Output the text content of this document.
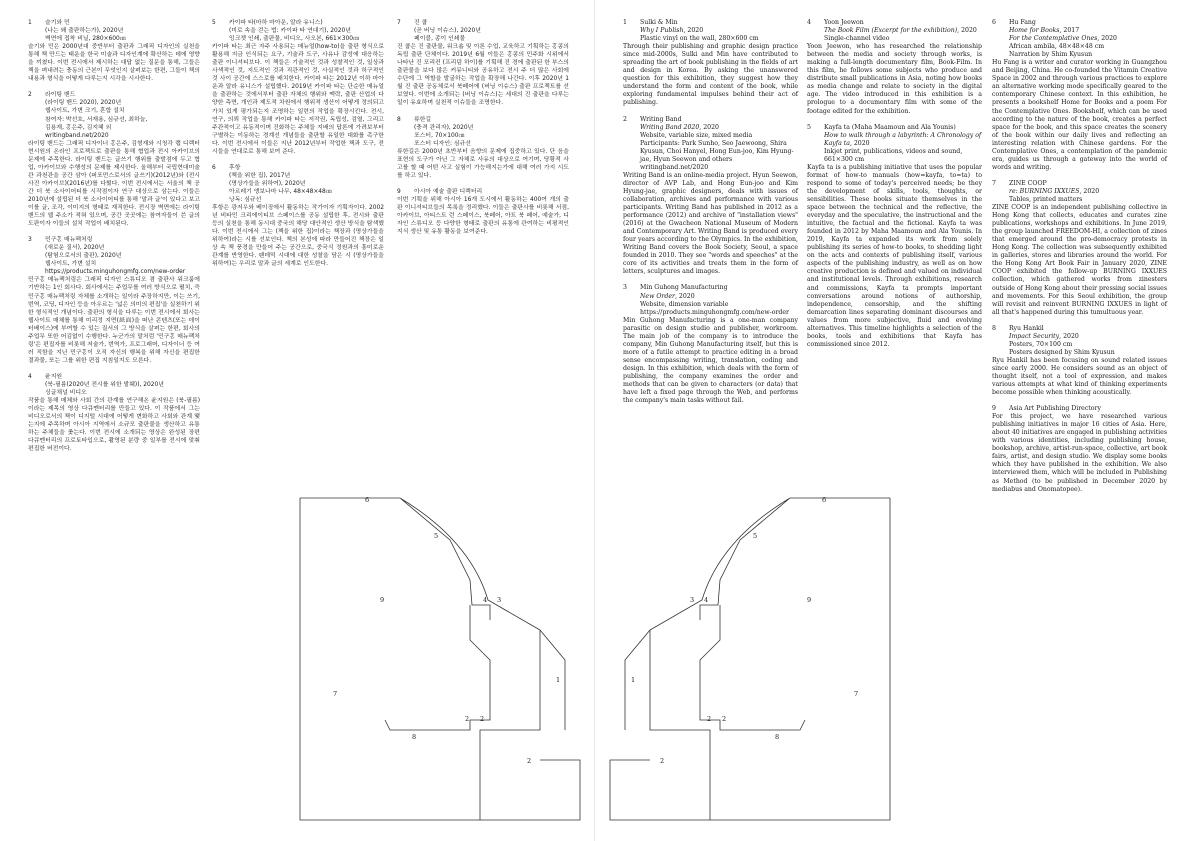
1	슬기와 민
(나는 왜 출판하는가), 2020년
벽면에 접착 비닐, 280×600㎝
슬기와 민은 2000년대 중반부터 출판과 그래픽 디자인의 실천을 통해 책 만드는 태운을 한국 미술과 디자인계에 확산하는 데에 영향을 끼쳤다. 이번 전시에서 제시하는 대답 없는 질문을 통해, 그들은 책을 펴내려는 충동의 근본이 무엇인지 살펴보는 한편, 그들이 책의 내용과 형식을 어떻게 다루는지 시각을 시사한다.
2	라이팅 밴드
(라이팅 밴드 2020), 2020년
웹사이트, 가변 크기, 혼합 설치
참여자: 박선호, 서재용, 심규선, 최하늘,
김용재, 홍은주, 김지혜 외
writingband.net/2020
라이팅 밴드는 그래픽 디자이너 홍은주, 김형재와 시청각 랩 디렉터 현시원의 온라인 프로젝트로 출판을 통해 협업과 전시 아카이브의 문제에 주목한다. 라이팅 밴드는 글쓰기 행위를 출발점에 두고 협업, 아카이브와 수행성의 문제를 제시한다. 올해부터 국립현대미술관 과천관을 공간 삼아 (퍼포먼스로서의 글쓰기)(2012년)와 (전시 사진 아카이브)(2016년)를 다뤘다. 이번 전시에서는 서울의 책 공간 더 북 소사이어티를 시작점이자 연구 대상으로 삼는다. 이들은 2010년에 설립된 더 북 소사이어티를 통해 '말과 글'이 있다고 보고 이를 글, 조각, 이미지의 형태로 재직한다. 전시장 벽면에는 라이팅 밴드의 웹 주소가 적혀 있으며, 공간 곳곳에는 참여자들이 쓴 글의 도판이자 이들의 설치 작업이 배치된다.
3	민구홍 매뉴팩처링
(새로운 질서), 2020년
(탐험으로서의 출판), 2020년
웹사이트, 가변 설치
https://products.minguhongmfg.com/new-order
민구홍 매뉴팩처링은 그래픽 디자인 스튜디오 겸 출판사 워크룸에 기반하는 1인 회사다. 회사에서는 주업무를 여러 방식으로 펼치, 즉 민구홍 매뉴팩처링 자체를 소개하는 일이라 주장하지만, 이는 쓰기, 번역, 코딩, 디자인 등을 아우르는 '넓은 의미의 편집'을 실천하기 위한 형식적인 개념이다. 출판의 형식을 다루는 이번 전시에서 회사는 웹사이트 매체를 통해 미리정 지면(紙面)을 떠난 콘텐츠(또는 데이터베이스)에 부여할 수 있는 질서의 그 방식을 살펴는 한편, 회사의 주업무 또한 어김없이 수행한다. 누군가의 말처럼 '민구홍 매뉴팩처링'은 편집자를 비롯해 저술가, 번역가, 프로그래머, 디자이너 등 여러 직함을 지닌 민구홍이 오직 자신의 행복을 위해 자신을 편집한 결과물, 또는 그를 위한 편집 지침일지도 모른다.
4	윤지원
(북-필름(2020년 전시를 위한 발췌)), 2020년
싱글채널 비디오
작품을 통해 매체와 사회 간의 관계를 연구해온 윤지원은 (북-필름)이라는 제목의 영상 다큐멘터리를 만들고 있다. 이 작품에서 그는 비디오로서의 책이 디지털 시대에 어떻게 변화하고 사회와 관계 맺는지에 주목하며 아시아 지역에서 소규모 출판물을 생산하고 유통하는 주체들을 좇는다. 이번 전시에 소개되는 영상은 완성된 장편 다큐멘터리의 프로토타입으로, 촬영된 분량 중 일부를 전시에 맞춰 편집한 버전이다.
5	카이파 타(마하 마아운, 알라 유니스)
(미로 속을 걷는 법: 카이파 타 연대기), 2020년
잉크젯 인쇄, 출판물, 비디오, 사오본, 661×300㎝
카이파 타는 최근 자주 사용되는 매뉴얼(how-to)을 출판 형식으로 활용해 지금 인식되는 요구, 기술과 도구, 사유나 감성에 대응하는 출판 이니셔티브다. 이 책들은 기술적인 것과 성찰적인 것, 일상과 사색적인 것, 지도적인 것과 직관적인 것, 사실적인 것과 허구적인 것 사이 공간에 스스로를 배치한다. 카이파 타는 2012년 이하 마아운과 알라 유니스가 설립했다. 2019년 카이파 타는 단순한 매뉴얼을 출판하는 것에서부터 출판 자체의 행위와 맥락, 출판 산업의 다양한 측면, 개인과 제도적 차원에서 행위적 생산이 어떻게 정의되고 가치 있게 평가되는지 조명하는 일련의 작업을 확장시킨다. 전시, 연구, 의뢰 작업을 통해 카이파 타는 저작권, 독립성, 검열, 그리고 주관적이고 유동적이며 진화하는 주체들 지배의 답론에 가려보부터 구별하는 이동하는 경계선 개념들을 출판할 유일한 대화를 촉구한다. 이번 전시에서 이들은 지난 2012년부터 작업한 책과 도구, 전시들을 연대로로 통해 보여 준다.
6	후항
(책을 위한 집), 2017년
(명상가들을 위하여), 2020년
아르레기 앵보나마 나무, 48×48×48㎝
낭독: 심규선
후항은 광저우와 베이징에서 활동하는 작가이자 기획자이다. 2002년 비타민 크리에이티브 스페이스를 공동 설립한 후, 전시와 출판 등의 실천을 통해 동시대 중국의 해당 대안적인 생산 방식을 탐색했다. 이번 전시에서 그는 (책을 위한 집)이라는 책장과 (명상가들을 위하여)라는 시를 선보인다. 책의 본성에 따라 만들어진 책장은 일상 속 책 풍경을 만들어 주는 공간으로, 중국식 정원과의 흥미로운 관계를 반영한다. 팬데믹 시대에 대한 성찰을 담은 시 (명상가들을 위하여)는 우리로 말과 글의 세계로 인도한다.
7	진 쿱
(곧 버닝 이슈스), 2020년
페이블, 종이 인쇄물
진 쿱은 진 출판물, 워크숍 및 이론 수업, 교육하고 기획하는 홍콩의 독립 출판 단체이다. 2019년 6월 이들은 홍콩의 민주화 시위에서 나타난 진 포리컨 (프리덤 하이)를 기획해 진 경에 출판된 한 부스의 출판물을 보다 많은 커뮤니티와 공유하고 전시 주 더 많은 사회에 수단에 그 역할을 발굴하는 작업을 확장해 나간다. 이후 2020년 1월 진 출판 공동체로서 북페어에 (버닝 이슈스) 출판 프로젝트를 선보였다. 이번에 소개되는 (버닝 이슈스)는 세대의 진 출판을 다루는 일이 유효하며 실천적 이슈들을 조명한다.
8	류한길
(충격 관리자), 2020년
포스터, 70×100㎝
포스터 디자인: 심규선
류한길은 2000년 초반부터 음향의 문제에 집중하고 있다. 단 음을 표현의 도구가 아닌 그 자체로 사유의 대상으로 여기며, 당황적 사고를 할 때 어떤 사고 실험이 가능해지는가에 대해 여러 가지 시도를 하고 있다.
9	아시아 예술 출판 디렉터리
이번 기획을 위해 아시아 16개 도시에서 활동하는 400여 개의 출판 이니셔티브들의 목록을 정리했다. 이들은 출판사를 비롯해 서점, 아카이브, 아티스트 런 스페이스, 북페어, 아트 북 페어, 예술가, 디자인 스튜디오 등 다양한 형태로 출판의 유통에 관여하는 비평적인 지식 생산 및 유통 활동을 보여준다.
6
5
9	4 3
7
2 2
1
8
2
1	Sulki & Min
Why I Publish, 2020
Plastic vinyl on the wall, 280×600 cm
Through their publishing and graphic design practice since mid-2000s, Sulki and Min have contributed to spreading the art of book publishing in the fields of art and design in Korea. By asking the unanswered question for this exhibition, they suggest how they understand the form and content of the book, while exploring fundamental impulses behind their act of publishing.
2	Writing Band
Writing Band 2020, 2020
Website, variable size, mixed media
Participants: Park Sunho, Seo Jaewoong, Shira Kyusun, Choi Hanyel, Hong Eun-joo, Kim Hyung-jae, Hyun Seewon and others
writingband.net/2020
Writing Band is an online-media project. Hyun Seewon, director of AVP Lab, and Hong Eun-joo and Kim Hyung-jae, graphic designers, deals with issues of collaboration, archives and performance with various participants. Writing Band has published in 2012 as a performance (2012) and archive of "installation views" (2016) at the Gwacheon National Museum of Modern and Contemporary Art. Writing Band is produced every four years according to the Olympics. In the exhibition, Writing Band covers the Book Society, Seoul, a space founded in 2010. They see "words and speeches" at the core of its activities and treats them in the form of letters, sculptures and images.
3	Min Guhong Manufacturing
New Order, 2020
Website, dimension variable
https://products.minguhongmfg.com/new-order
Min Guhong Manufacturing is a one-man company parasitic on design studio and publisher, workroom. The main job of the company is to introduce the company, Min Guhong Manufacturing itself, but this is more of a futile attempt to practice editing in a broad sense encompassing writing, translation, coding and design. In this exhibition, which deals with the form of publishing, the company examines the order and methods that can be given to characters (or data) that have left a fixed page through the Web, and performs the company's main tasks without fail.
4	Yoon Jeewon
The Book Film (Excerpt for the exhibition), 2020
Single-channel video
Yoon Jeewon, who has researched the relationship between the media and society through works, is making a full-length documentary film, Book-Film. In this film, he follows some subjects who produce and distribute small publications in Asia, noting how books as media change and relate to society in the digital age. The video introduced in this exhibition is a prologue to a documentary film with some of the footage edited for the exhibition.
5	Kayfa ta (Maha Maamoun and Ala Younis)
How to walk through a labyrinth: A Chronology of Kayfa ta, 2020
Inkjet print, publications, videos and sound, 661×300 cm
Kayfa ta is a publishing initiative that uses the popular format of how-to manuals (how=kayfa, to=ta) to respond to some of today's perceived needs; be they the development of skills, tools, thoughts, or sensibilities. These books situate themselves in the space between the technical and the reflective, the everyday and the speculative, the instructional and the intuitive, the factual and the fictional. Kayfa ta was founded in 2012 by Maha Maamoun and Ala Younis. In 2019, Kayfa ta expanded its work from solely publishing its series of how-to books, to shedding light on the acts and contexts of publishing itself, various aspects of the publishing industry, as well as on how creative production is defined and valued on individual and institutional levels. Through exhibitions, research and commissions, Kayfa ta prompts important conversations around notions of authorship, independence, censorship, and the shifting demarcation lines separating dominant discourses and values from more subjective, fluid and evolving alternatives. This timeline highlights a selection of the books, tools and exhibitions that Kayfa has commissioned since 2012.
6	Hu Fang
Home for Books, 2017
For the Contemplative Ones, 2020
African ambila, 48×48×48 cm
Narration by Shim Kyusun
Hu Fang is a writer and curator working in Guangzhou and Beijing, China. He co-founded the Vitamin Creative Space in 2002 and through various practices to explore an alternative working mode specifically geared to the contemporary Chinese context. In this exhibition, he presents a bookshelf Home for Books and a poem For the Contemplative Ones. Bookshelf, which can be used according to the nature of the book, creates a perfect space for the book, and this space creates the scenery of the book within our daily lives and reflecting an interesting relation with Chinese gardens. For the Contemplative Ones, a contemplation of the pandemic era, guides us through a gateway into the world of words and writing.
7	ZINE COOP
re: BURNING IXXUES, 2020
Tables, printed matters
ZINE COOP is an independent publishing collective in Hong Kong that collects, educates and curates zine publications, workshops and exhibitions. In June 2019, the group launched FREEDOM-HI, a collection of zines that emerged around the pro-democracy protests in Hong Kong. The collection was subsequently exhibited in galleries, stores and libraries around the world. For the Hong Kong Art Book Fair in January 2020, ZINE COOP exhibited the follow-up BURNING IXXUES collection, which gathered works from zinesters outside of Hong Kong about their pressing social issues and movements. For this Seoul exhibition, the group will revisit and reinvent BURNING IXXUES in light of all that's happened during this tumultuous year.
8	Ryu Hankil
Impact Security, 2020
Posters, 70×100 cm
Posters designed by Shim Kyusun
Ryu Hankil has been focusing on sound related issues since early 2000. He considers sound as an object of thought itself, not a tool of expression, and makes various attempts at what kind of thinking experiments become possible when thinking acoustically.
9	Asia Art Publishing Directory
For this project, we have researched various publishing initiatives in major 16 cities of Asia. Here, about 40 initiatives are engaged in publishing activities with various identities, including publishing house, bookshop, archive, artist-run-space, collective, art book fairs, artist, and design studio. We display some books which they have published in the exhibition. We also interviewed them, which will be included in Publishing as Method (to be published in December 2020 by mediabus and Onomatopee).
6
5
9
4
3
7
2
2
1
8
2
